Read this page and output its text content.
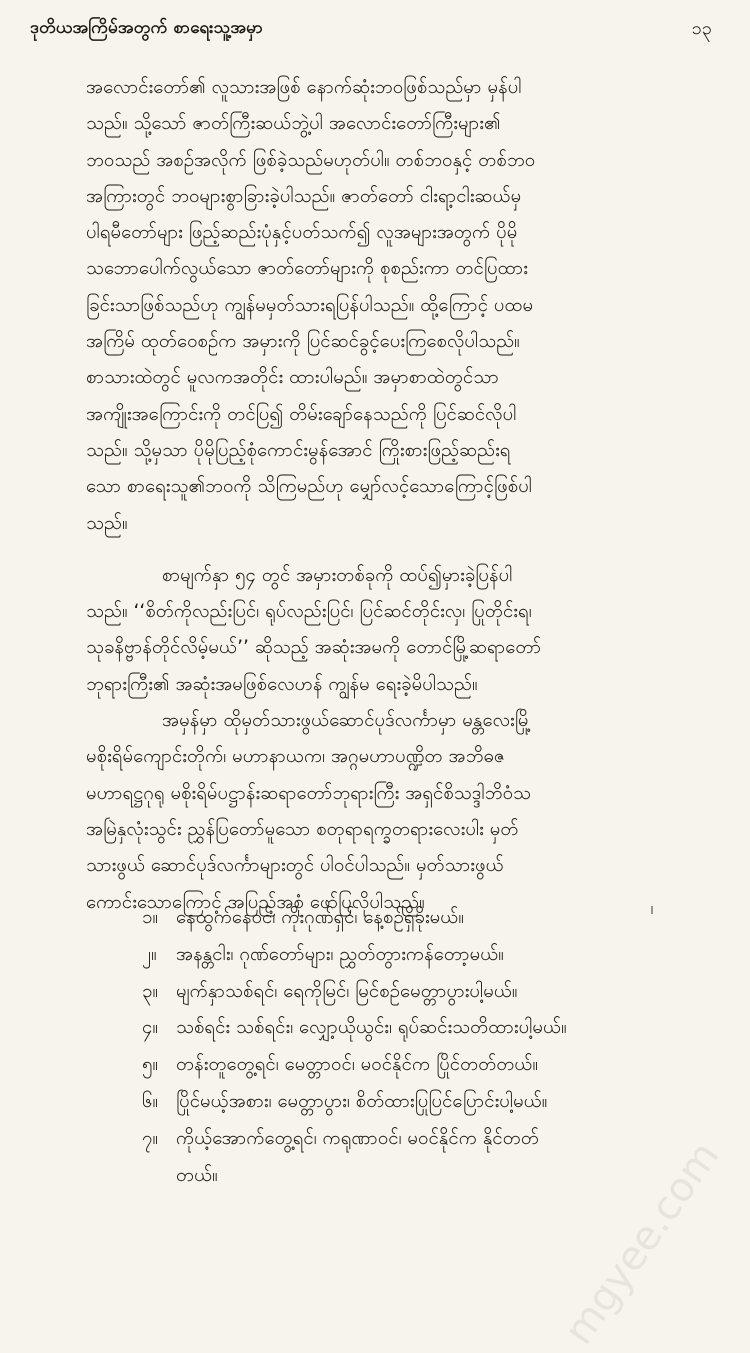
ဒုတိယအကြိမ်အတွက် စာရေးသူ့အမှာ	၁၃

အလောင်းတော်၏ လူသားအဖြစ် နောက်ဆုံးဘဝဖြစ်သည်မှာ မှန်ပါ
သည်။ သို့သော် ဇာတ်ကြီးဆယ်ဘွဲ့ပါ အလောင်းတော်ကြီးများ၏
ဘဝသည် အစဉ်အလိုက် ဖြစ်ခဲ့သည်မဟုတ်ပါ။ တစ်ဘဝနှင့် တစ်ဘဝ
အကြားတွင် ဘဝများစွာခြားခဲ့ပါသည်။ ဇာတ်တော် ငါးရာ့ငါးဆယ်မှ
ပါရမီတော်များ ဖြည့်ဆည်းပုံနှင့်ပတ်သက်၍ လူအများအတွက် ပိုမို
သဘောပေါက်လွယ်သော ဇာတ်တော်များကို စုစည်းကာ တင်ပြထား
ခြင်းသာဖြစ်သည်ဟု ကျွန်မမှတ်သားရပြန်ပါသည်။ ထို့ကြောင့် ပထမ
အကြိမ် ထုတ်ဝေစဉ်က အမှားကို ပြင်ဆင်ခွင့်ပေးကြစေလိုပါသည်။
စာသားထဲတွင် မူလကအတိုင်း ထားပါမည်။ အမှာစာထဲတွင်သာ
အကျိုးအကြောင်းကို တင်ပြ၍ တိမ်းချော်နေသည်ကို ပြင်ဆင်လိုပါ
သည်။ သို့မှသာ ပိုမိုပြည့်စုံကောင်းမွန်အောင် ကြိုးစားဖြည့်ဆည်းရ
သော စာရေးသူ၏ဘဝကို သိကြမည်ဟု မျှော်လင့်သောကြောင့်ဖြစ်ပါ
သည်။

စာမျက်နှာ ၅၄ တွင် အမှားတစ်ခုကို ထပ်၍မှားခဲ့ပြန်ပါ
သည်။ ‘‘စိတ်ကိုလည်းပြင်၊ ရုပ်လည်းပြင်၊ ပြင်ဆင်တိုင်းလှ၊ ပြုတိုင်းရ၊
သုခနိဗ္ဗာန်တိုင်လိမ့်မယ်’’ ဆိုသည့် အဆုံးအမကို တောင်မြို့ဆရာတော်
ဘုရားကြီး၏ အဆုံးအမဖြစ်လေဟန် ကျွန်မ ရေးခဲ့မိပါသည်။

အမှန်မှာ ထိုမှတ်သားဖွယ်ဆောင်ပုဒ်လင်္ကာမှာ မန္တလေးမြို့
မစိုးရိမ်ကျောင်းတိုက်၊ မဟာနာယက၊ အဂ္ဂမဟာပဏ္ဍိတ အဘိဓဇ
မဟာရဋ္ဌဂုရု မစိုးရိမ်ပဋ္ဌာန်းဆရာတော်ဘုရားကြီး အရှင်စိသဒ္ဒါဘိဝံသ
အမြဲနှလုံးသွင်း ညွှန်ပြတော်မူသော စတုရာရက္ခတရားလေးပါး မှတ်
သားဖွယ် ဆောင်ပုဒ်လင်္ကာများတွင် ပါဝင်ပါသည်။ မှတ်သားဖွယ်
ကောင်းသောကြောင့် အပြည့်အစုံ ဖော်ပြလိုပါသည်။

၁။ နေထွက်နေဝင်၊ ကိုးဂုဏ်ရှင်၊ နေ့စဉ်ရှိခိုးမယ်။
၂။	အနန္တငါး၊ ဂုဏ်တော်များ၊ ညွှတ်တွားကန်တော့မယ်။
၃။ မျက်နှာသစ်ရင်၊ ရေကိုမြင်၊ မြင်စဉ်မေတ္တာပွားပါ့မယ်။
၄။ သစ်ရင်း သစ်ရင်း၊ လျှော့ယိုယွင်း၊ ရုပ်ဆင်းသတိထားပါ့မယ်။
၅။ တန်းတူတွေ့ရင်၊ မေတ္တာဝင်၊ မဝင်နိုင်က ပြိုင်တတ်တယ်။
၆။ ပြိုင်မယ့်အစား၊ မေတ္တာပွား၊ စိတ်ထားပြုပြင်ပြောင်းပါ့မယ်။
၇။ ကိုယ့်အောက်တွေ့ရင်၊ ကရုဏာဝင်၊ မဝင်နိုင်က နိုင်တတ်
တယ်။	mgyee.com
